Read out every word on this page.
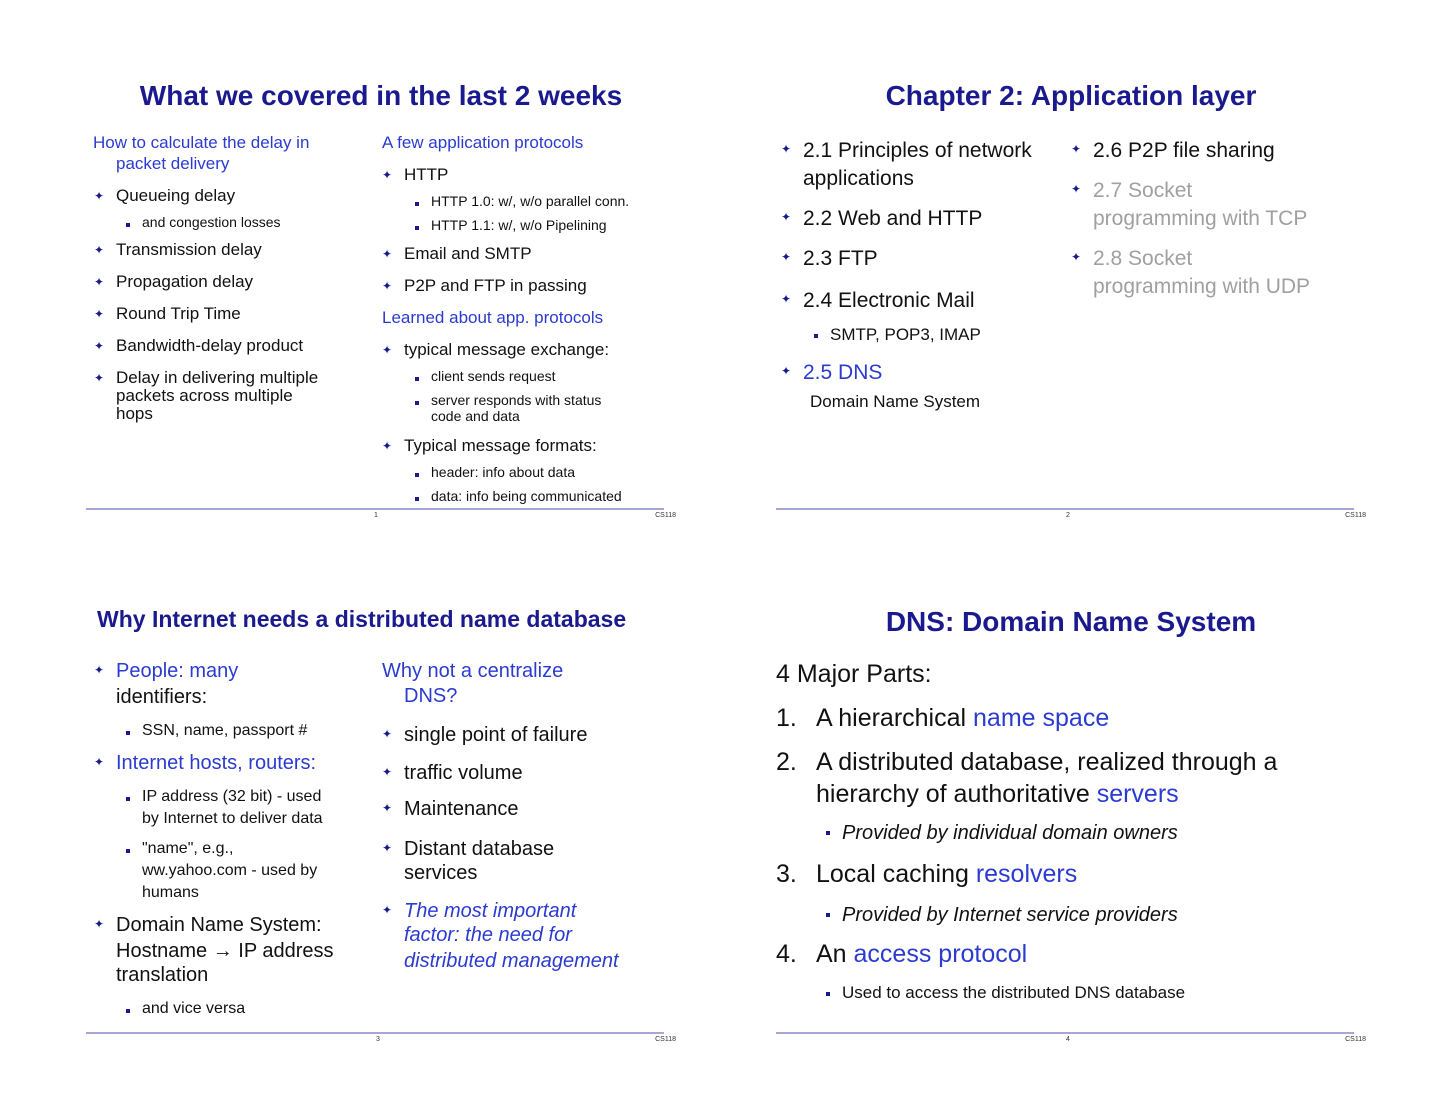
What we covered in the last 2 weeks
How to calculate the delay in
packet delivery
✦ Queueing delay
and congestion losses
✦ Transmission delay
✦ Propagation delay
✦ Round Trip Time
✦ Bandwidth-delay product
✦ Delay in delivering multiple
packets across multiple
hops
A few application protocols
✦ HTTP
HTTP 1.0: w/, w/o parallel conn.
HTTP 1.1: w/, w/o Pipelining
✦ Email and SMTP
✦ P2P and FTP in passing
Learned about app. protocols
✦ typical message exchange:
client sends request
server responds with status
code and data
✦ Typical message formats:
header: info about data
data: info being communicated
1	CS118
Chapter 2: Application layer
✦ 2.1 Principles of network
applications
✦ 2.2 Web and HTTP
✦ 2.3 FTP
✦ 2.4 Electronic Mail
SMTP, POP3, IMAP
✦ 2.5 DNS
Domain Name System
✦ 2.6 P2P file sharing
✦ 2.7 Socket
programming with TCP
✦ 2.8 Socket
programming with UDP
2	CS118
Why Internet needs a distributed name database
✦ People: many
identifiers:
SSN, name, passport #
✦ Internet hosts, routers:
IP address (32 bit) - used
by Internet to deliver data
"name", e.g.,
ww.yahoo.com - used by
humans
✦ Domain Name System:
Hostname → IP address
translation
and vice versa
Why not a centralize
DNS?
✦ single point of failure
✦ traffic volume
✦ Maintenance
✦ Distant database
services
✦ The most important
factor: the need for
distributed management
3	CS118
DNS: Domain Name System
4 Major Parts:
1. A hierarchical name space
2. A distributed database, realized through a
hierarchy of authoritative servers
Provided by individual domain owners
3. Local caching resolvers
Provided by Internet service providers
4. An access protocol
Used to access the distributed DNS database
4	CS118
